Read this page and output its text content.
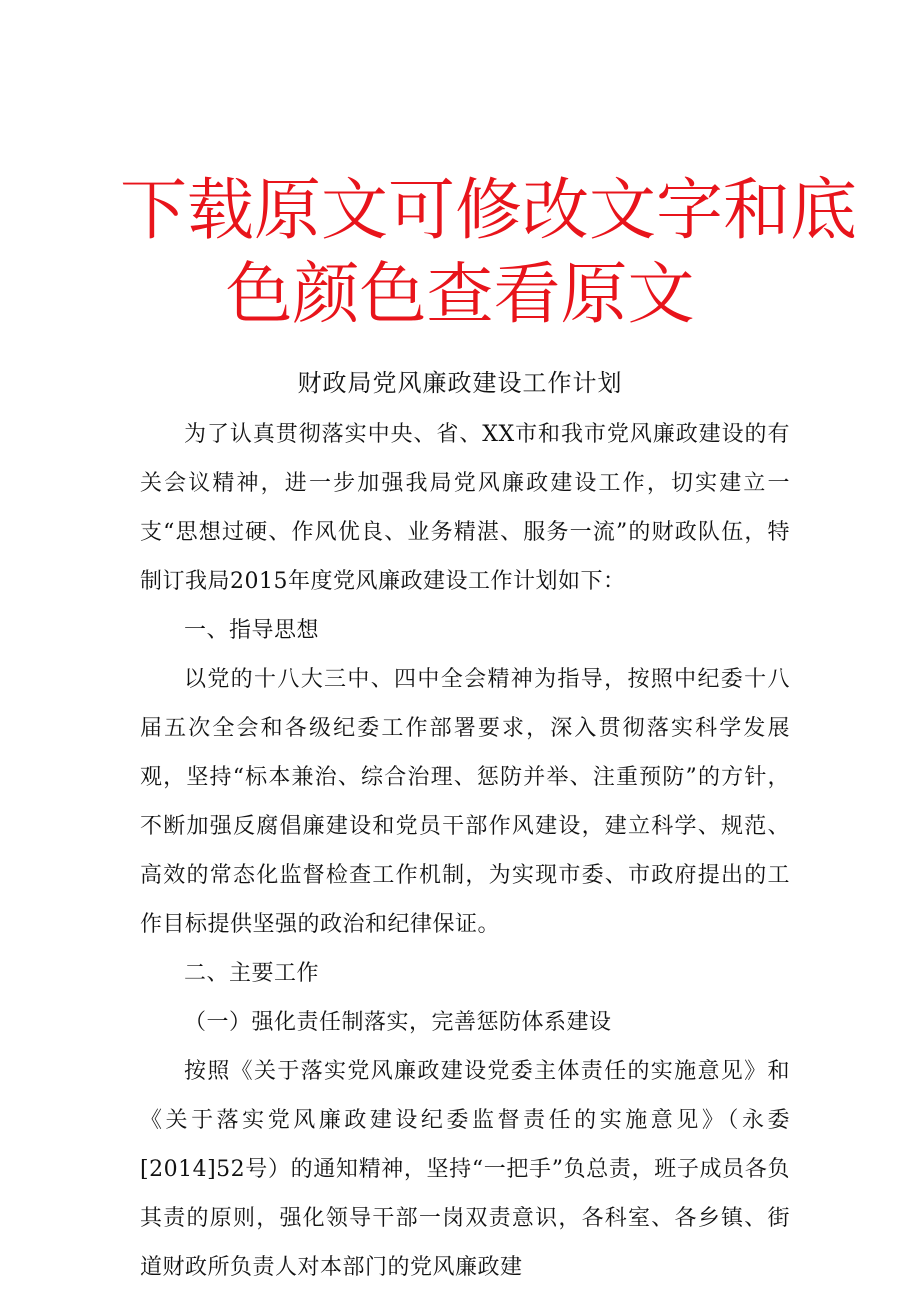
下载原文可修改文字和底
色颜色查看原文
财政局党风廉政建设工作计划

为了认真贯彻落实中央、省、XX市和我市党风廉政建设的有关会议精神，进一步加强我局党风廉政建设工作，切实建立一支“思想过硬、作风优良、业务精湛、服务一流”的财政队伍，特制订我局2015年度党风廉政建设工作计划如下：

一、指导思想

以党的十八大三中、四中全会精神为指导，按照中纪委十八届五次全会和各级纪委工作部署要求，深入贯彻落实科学发展观，坚持“标本兼治、综合治理、惩防并举、注重预防”的方针，不断加强反腐倡廉建设和党员干部作风建设，建立科学、规范、高效的常态化监督检查工作机制，为实现市委、市政府提出的工作目标提供坚强的政治和纪律保证。

二、主要工作

（一）强化责任制落实，完善惩防体系建设

按照《关于落实党风廉政建设党委主体责任的实施意见》和《关于落实党风廉政建设纪委监督责任的实施意见》（永委[2014]52号）的通知精神，坚持“一把手”负总责，班子成员各负其责的原则，强化领导干部一岗双责意识，各科室、各乡镇、街道财政所负责人对本部门的党风廉政建
